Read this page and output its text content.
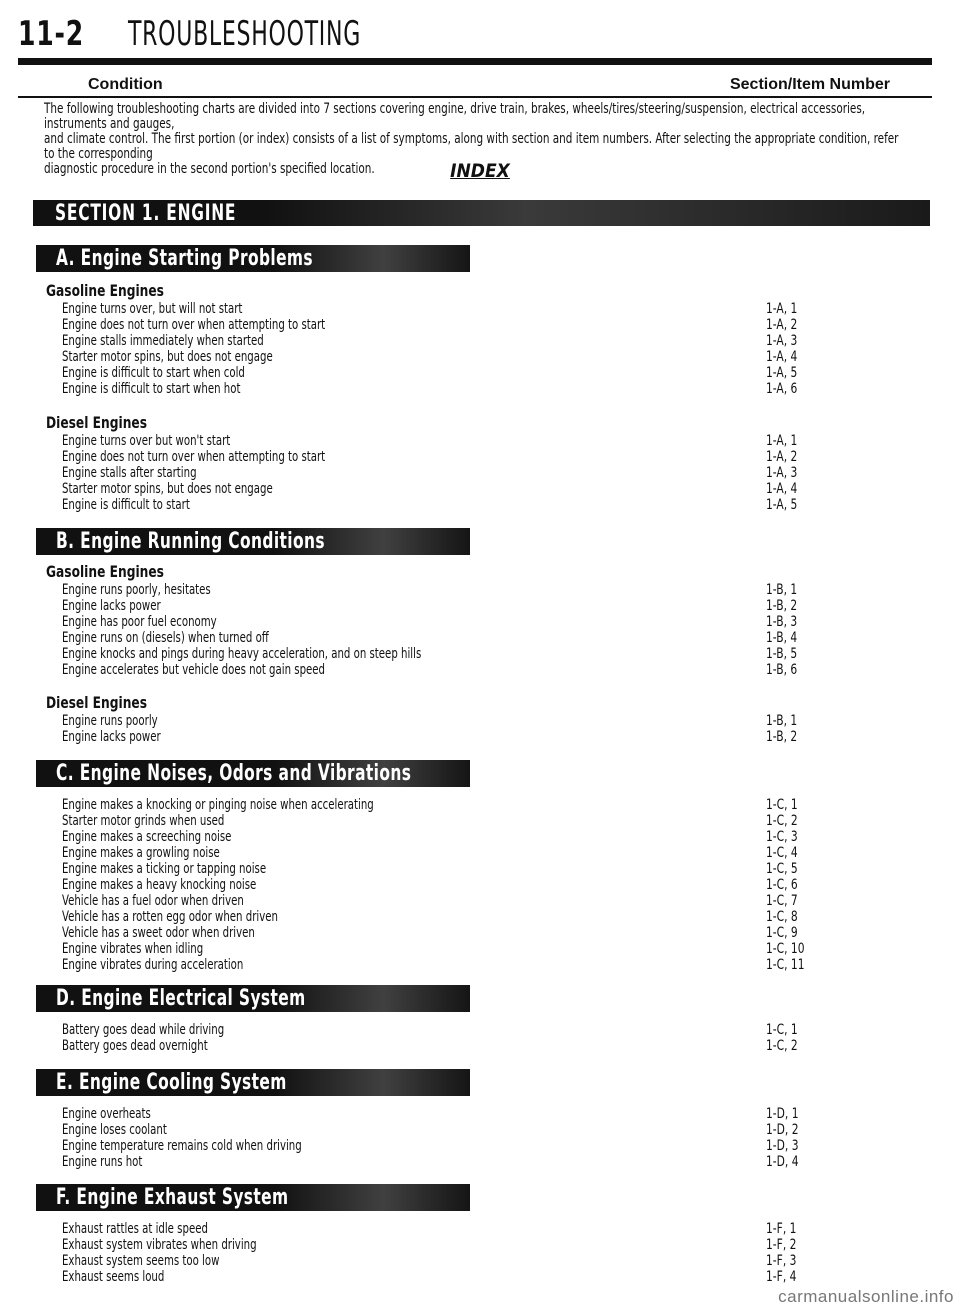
11-2 TROUBLESHOOTING
Condition	Section/Item Number
The following troubleshooting charts are divided into 7 sections covering engine, drive train, brakes, wheels/tires/steering/suspension, electrical accessories, instruments and gauges,
and climate control. The first portion (or index) consists of a list of symptoms, along with section and item numbers. After selecting the appropriate condition, refer to the corresponding
diagnostic procedure in the second portion's specified location.	INDEX
SECTION 1. ENGINE
A. Engine Starting Problems
Gasoline Engines
Engine turns over, but will not start	1-A, 1
Engine does not turn over when attempting to start	1-A, 2
Engine stalls immediately when started	1-A, 3
Starter motor spins, but does not engage	1-A, 4
Engine is difficult to start when cold	1-A, 5
Engine is difficult to start when hot	1-A, 6
Diesel Engines
Engine turns over but won't start	1-A, 1
Engine does not turn over when attempting to start	1-A, 2
Engine stalls after starting	1-A, 3
Starter motor spins, but does not engage	1-A, 4
Engine is difficult to start	1-A, 5
B. Engine Running Conditions
Gasoline Engines
Engine runs poorly, hesitates	1-B, 1
Engine lacks power	1-B, 2
Engine has poor fuel economy	1-B, 3
Engine runs on (diesels) when turned off	1-B, 4
Engine knocks and pings during heavy acceleration, and on steep hills	1-B, 5
Engine accelerates but vehicle does not gain speed	1-B, 6
Diesel Engines
Engine runs poorly	1-B, 1
Engine lacks power	1-B, 2
C. Engine Noises, Odors and Vibrations
Engine makes a knocking or pinging noise when accelerating	1-C, 1
Starter motor grinds when used	1-C, 2
Engine makes a screeching noise	1-C, 3
Engine makes a growling noise	1-C, 4
Engine makes a ticking or tapping noise	1-C, 5
Engine makes a heavy knocking noise	1-C, 6
Vehicle has a fuel odor when driven	1-C, 7
Vehicle has a rotten egg odor when driven	1-C, 8
Vehicle has a sweet odor when driven	1-C, 9
Engine vibrates when idling	1-C, 10
Engine vibrates during acceleration	1-C, 11
D. Engine Electrical System
Battery goes dead while driving	1-C, 1
Battery goes dead overnight	1-C, 2
E. Engine Cooling System
Engine overheats	1-D, 1
Engine loses coolant	1-D, 2
Engine temperature remains cold when driving	1-D, 3
Engine runs hot	1-D, 4
F. Engine Exhaust System
Exhaust rattles at idle speed	1-F, 1
Exhaust system vibrates when driving	1-F, 2
Exhaust system seems too low	1-F, 3
Exhaust seems loud	1-F, 4
carmanualsonline.info
